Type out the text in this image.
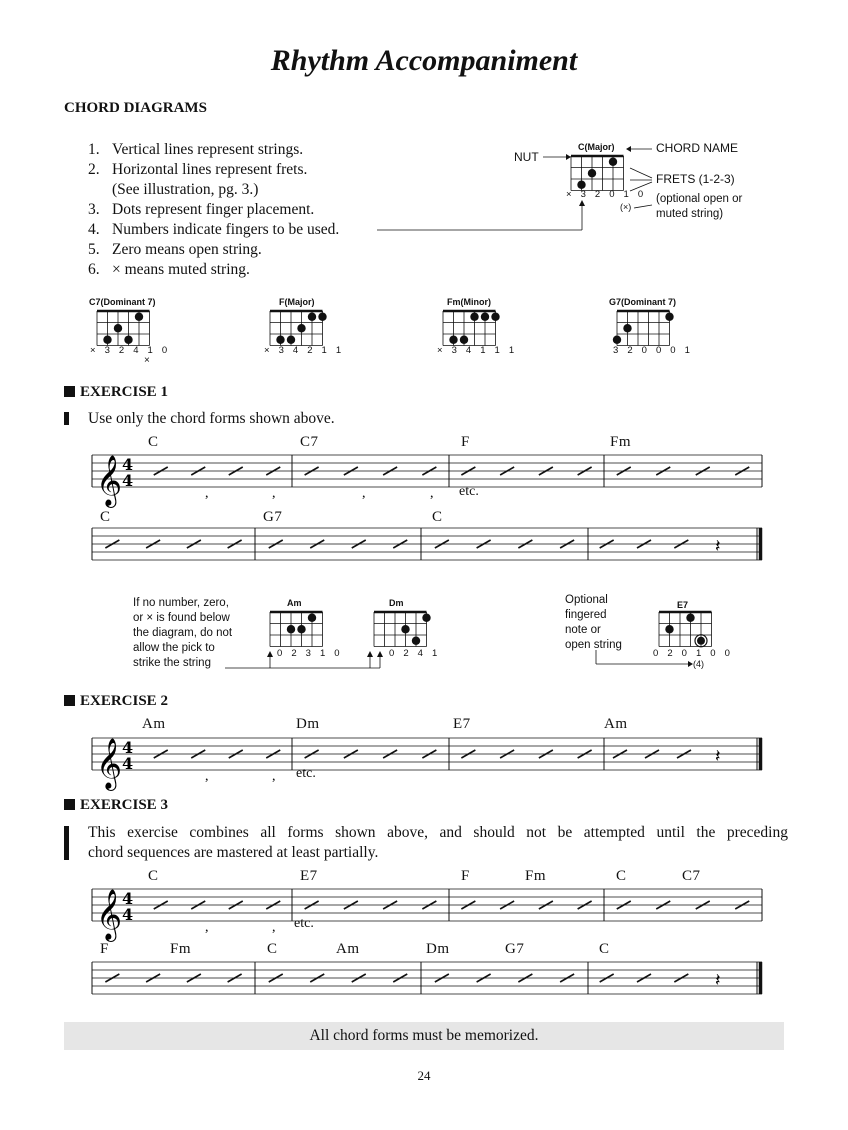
Rhythm Accompaniment
CHORD DIAGRAMS
1. Vertical lines represent strings.
2. Horizontal lines represent frets.
(See illustration, pg. 3.)
3. Dots represent finger placement.
4. Numbers indicate fingers to be used.
5. Zero means open string.
6. × means muted string.
NUT
C(Major)	CHORD NAME
FRETS (1-2-3)
× 3 2 0 1 0
(×)
(optional open or muted string)
C7(Dominant 7)	F(Major)	Fm(Minor)	G7(Dominant 7)
× 3 2 4 1 0
×
× 3 4 2 1 1	× 3 4 1 1 1	3 2 0 0 0 1
EXERCISE 1
Use only the chord forms shown above.
C	C7	F	Fm
etc.
C	G7	C
If no number, zero,
or × is found below
the diagram, do not
allow the pick to
strike the string
Am	Dm
0 2 3 1 0	0 2 4 1
Optional
fingered
note or
open string
E7
0 2 0 1 0 0
(4)
EXERCISE 2
Am	Dm	E7	Am
etc.
EXERCISE 3
This exercise combines all forms shown above, and should not be attempted until the preceding
chord sequences are mastered at least partially.
C	E7	F	Fm	C	C7
etc.
F	Fm	C	Am	Dm	G7	C
All chord forms must be memorized.
24
𝄞 4
4
,	,	,	,
𝄽
𝄞 4
4
,	,
𝄽
𝄞 4
4
,	,
𝄽
